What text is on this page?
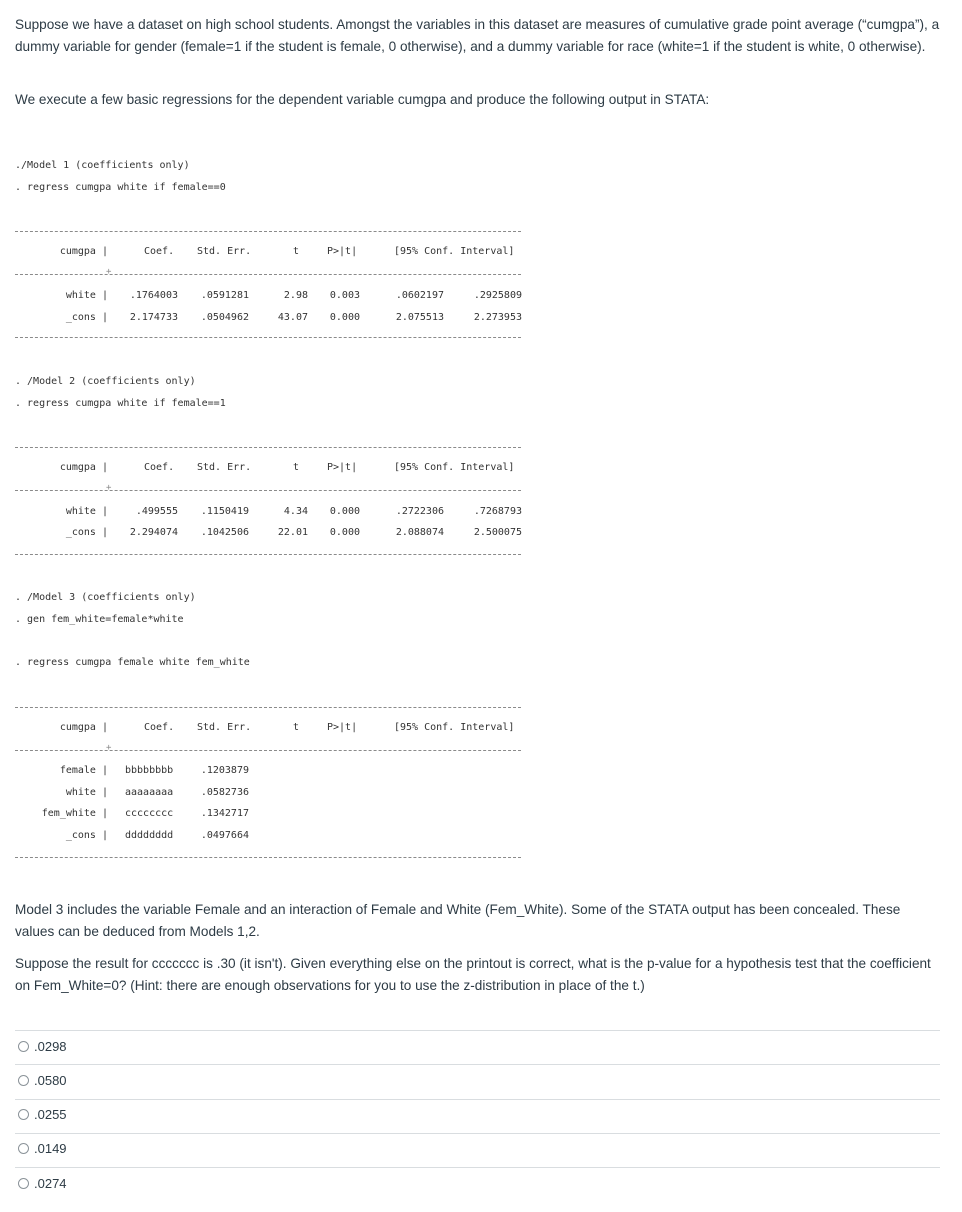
Suppose we have a dataset on high school students. Amongst the variables in this dataset are measures of cumulative grade point average (“cumgpa”), a dummy variable for gender (female=1 if the student is female, 0 otherwise), and a dummy variable for race (white=1 if the student is white, 0 otherwise).

We execute a few basic regressions for the dependent variable cumgpa and produce the following output in STATA:

./Model 1 (coefficients only)
. regress cumgpa white if female==0
cumgpa |	Coef. Std. Err.	t	P>|t|	[95% Conf. Interval]
+
white |	.1764003	.0591281	2.98	0.003	.0602197	.2925809
_cons |	2.174733	.0504962	43.07	0.000	2.075513	2.273953
. /Model 2 (coefficients only)
. regress cumgpa white if female==1
cumgpa |	Coef. Std. Err.	t	P>|t|	[95% Conf. Interval]
+
white |	.499555	.1150419	4.34	0.000	.2722306	.7268793
_cons |	2.294074	.1042506	22.01	0.000	2.088074	2.500075
. /Model 3 (coefficients only)
. gen fem_white=female*white
. regress cumgpa female white fem_white
cumgpa |	Coef. Std. Err.	t	P>|t|	[95% Conf. Interval]
+
female | bbbbbbbb	.1203879
white | aaaaaaaa	.0582736
fem_white | cccccccc	.1342717
_cons | dddddddd	.0497664

Model 3 includes the variable Female and an interaction of Female and White (Fem_White). Some of the STATA output has been concealed. These values can be deduced from Models 1,2.

Suppose the result for ccccccc is .30 (it isn't). Given everything else on the printout is correct, what is the p-value for a hypothesis test that the coefficient on Fem_White=0? (Hint: there are enough observations for you to use the z-distribution in place of the t.)

.0298
.0580
.0255
.0149
.0274
